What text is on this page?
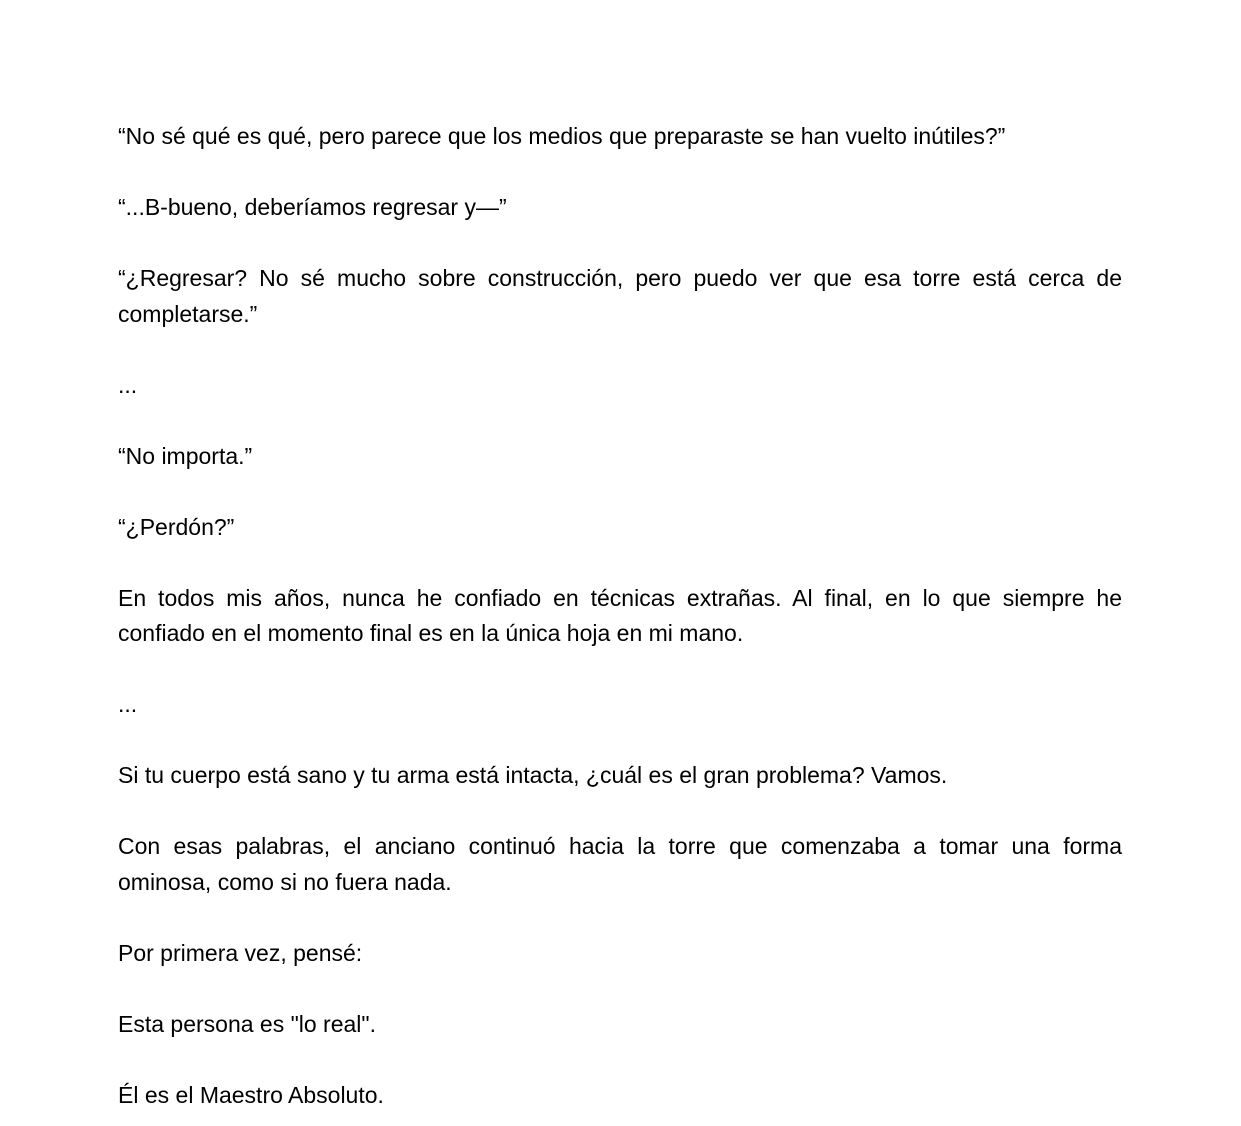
“No sé qué es qué, pero parece que los medios que preparaste se han vuelto inútiles?”

“...B-bueno, deberíamos regresar y—”

“¿Regresar? No sé mucho sobre construcción, pero puedo ver que esa torre está cerca de completarse.”

...

“No importa.”

“¿Perdón?”

En todos mis años, nunca he confiado en técnicas extrañas. Al final, en lo que siempre he confiado en el momento final es en la única hoja en mi mano.

...

Si tu cuerpo está sano y tu arma está intacta, ¿cuál es el gran problema? Vamos.

Con esas palabras, el anciano continuó hacia la torre que comenzaba a tomar una forma ominosa, como si no fuera nada.

Por primera vez, pensé:

Esta persona es "lo real".

Él es el Maestro Absoluto.
